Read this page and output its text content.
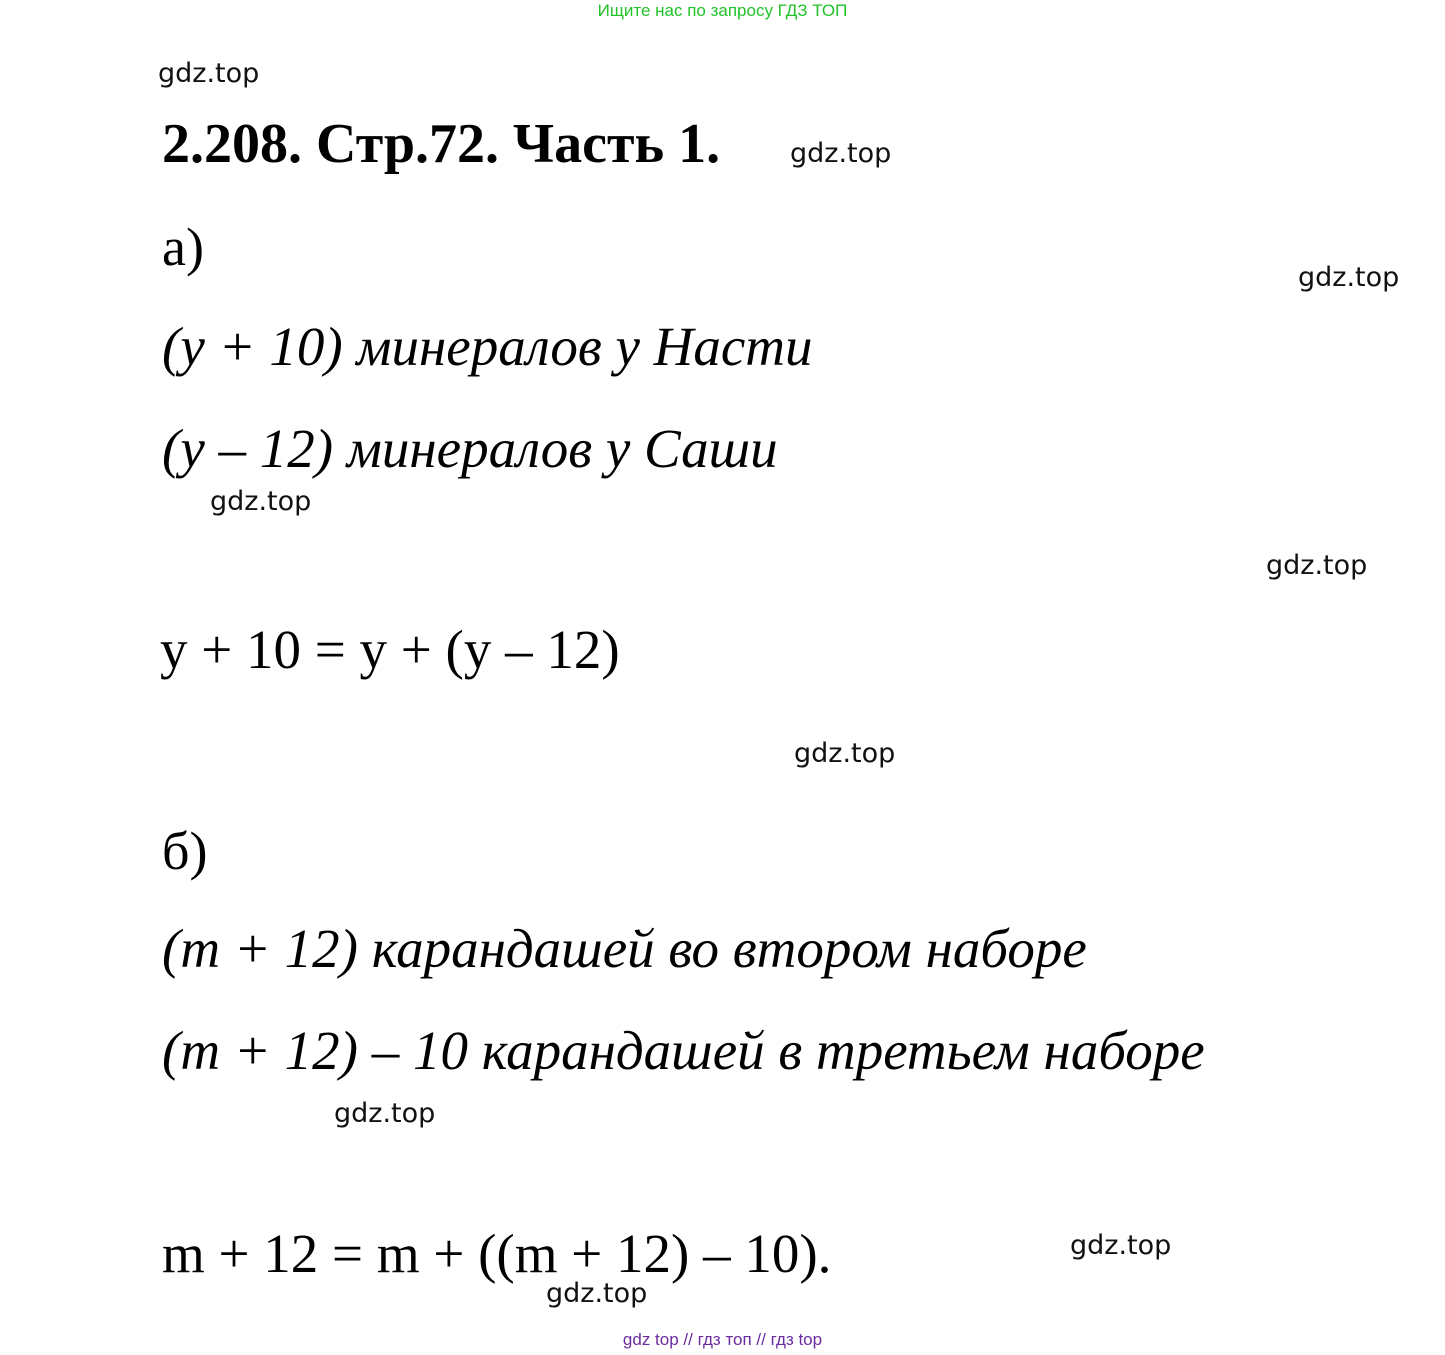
Ищите нас по запросу ГДЗ ТОП
gdz.top
2.208. Стр.72. Часть 1.	gdz.top
а)
gdz.top
(у + 10) минералов у Насти
(у – 12) минералов у Саши
gdz.top
gdz.top
у + 10 = у + (у – 12)
gdz.top
б)
(m + 12) карандашей во втором наборе
(m + 12) – 10 карандашей в третьем наборе
gdz.top
m + 12 = m + ((m + 12) – 10).	gdz.top
gdz.top
gdz top // гдз топ // гдз top
